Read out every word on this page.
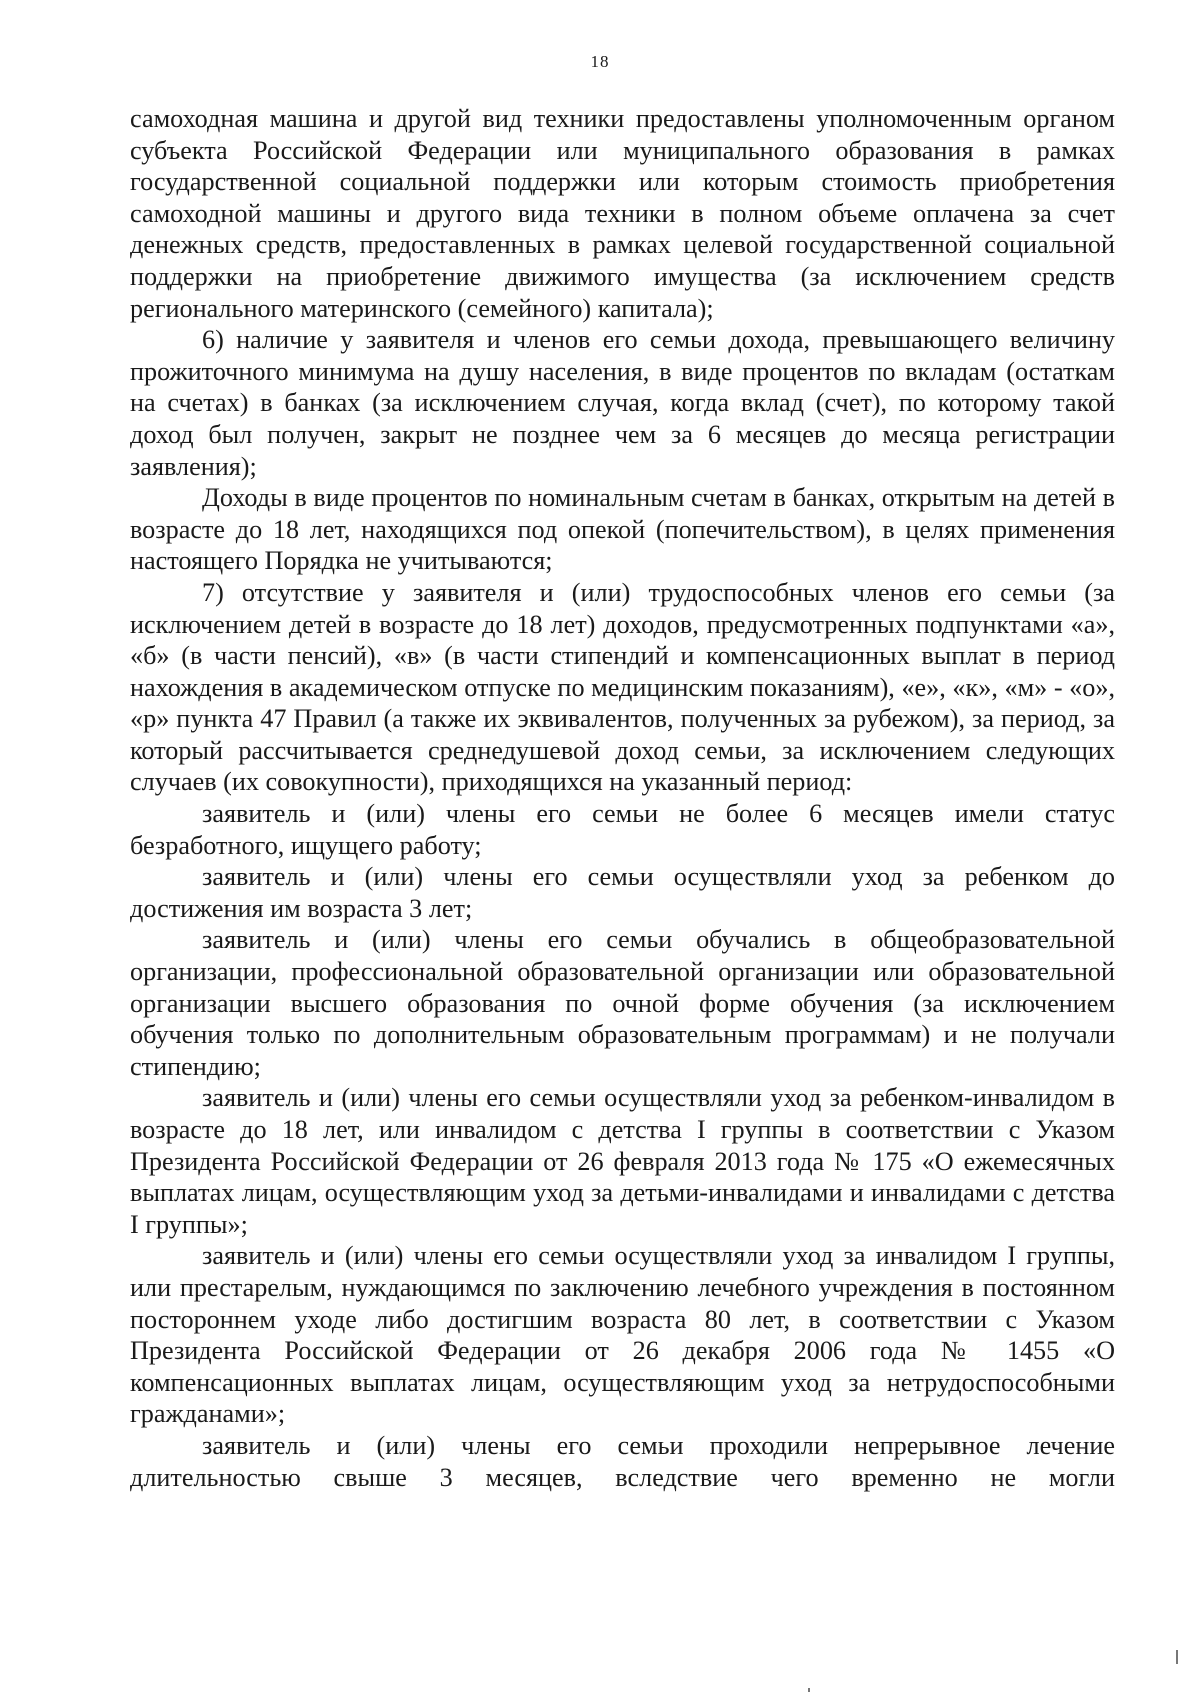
18

самоходная машина и другой вид техники предоставлены уполномоченным органом субъекта Российской Федерации или муниципального образования в рамках государственной социальной поддержки или которым стоимость приобретения самоходной машины и другого вида техники в полном объеме оплачена за счет денежных средств, предоставленных в рамках целевой государственной социальной поддержки на приобретение движимого имущества (за исключением средств регионального материнского (семейного) капитала);

6) наличие у заявителя и членов его семьи дохода, превышающего величину прожиточного минимума на душу населения, в виде процентов по вкладам (остаткам на счетах) в банках (за исключением случая, когда вклад (счет), по которому такой доход был получен, закрыт не позднее чем за 6 месяцев до месяца регистрации заявления);

Доходы в виде процентов по номинальным счетам в банках, открытым на детей в возрасте до 18 лет, находящихся под опекой (попечительством), в целях применения настоящего Порядка не учитываются;

7) отсутствие у заявителя и (или) трудоспособных членов его семьи (за исключением детей в возрасте до 18 лет) доходов, предусмотренных подпунктами «а», «б» (в части пенсий), «в» (в части стипендий и компенсационных выплат в период нахождения в академическом отпуске по медицинским показаниям), «е», «к», «м» - «о», «р» пункта 47 Правил (а также их эквивалентов, полученных за рубежом), за период, за который рассчитывается среднедушевой доход семьи, за исключением следующих случаев (их совокупности), приходящихся на указанный период:

заявитель и (или) члены его семьи не более 6 месяцев имели статус безработного, ищущего работу;

заявитель и (или) члены его семьи осуществляли уход за ребенком до достижения им возраста 3 лет;

заявитель и (или) члены его семьи обучались в общеобразовательной организации, профессиональной образовательной организации или образовательной организации высшего образования по очной форме обучения (за исключением обучения только по дополнительным образовательным программам) и не получали стипендию;

заявитель и (или) члены его семьи осуществляли уход за ребенком-инвалидом в возрасте до 18 лет, или инвалидом с детства I группы в соответствии с Указом Президента Российской Федерации от 26 февраля 2013 года № 175 «О ежемесячных выплатах лицам, осуществляющим уход за детьми-инвалидами и инвалидами с детства I группы»;

заявитель и (или) члены его семьи осуществляли уход за инвалидом I группы, или престарелым, нуждающимся по заключению лечебного учреждения в постоянном постороннем уходе либо достигшим возраста 80 лет, в соответствии с Указом Президента Российской Федерации от 26 декабря 2006 года № 1455 «О компенсационных выплатах лицам, осуществляющим уход за нетрудоспособными гражданами»;

заявитель и (или) члены его семьи проходили непрерывное лечение длительностью свыше 3 месяцев, вследствие чего временно не могли
